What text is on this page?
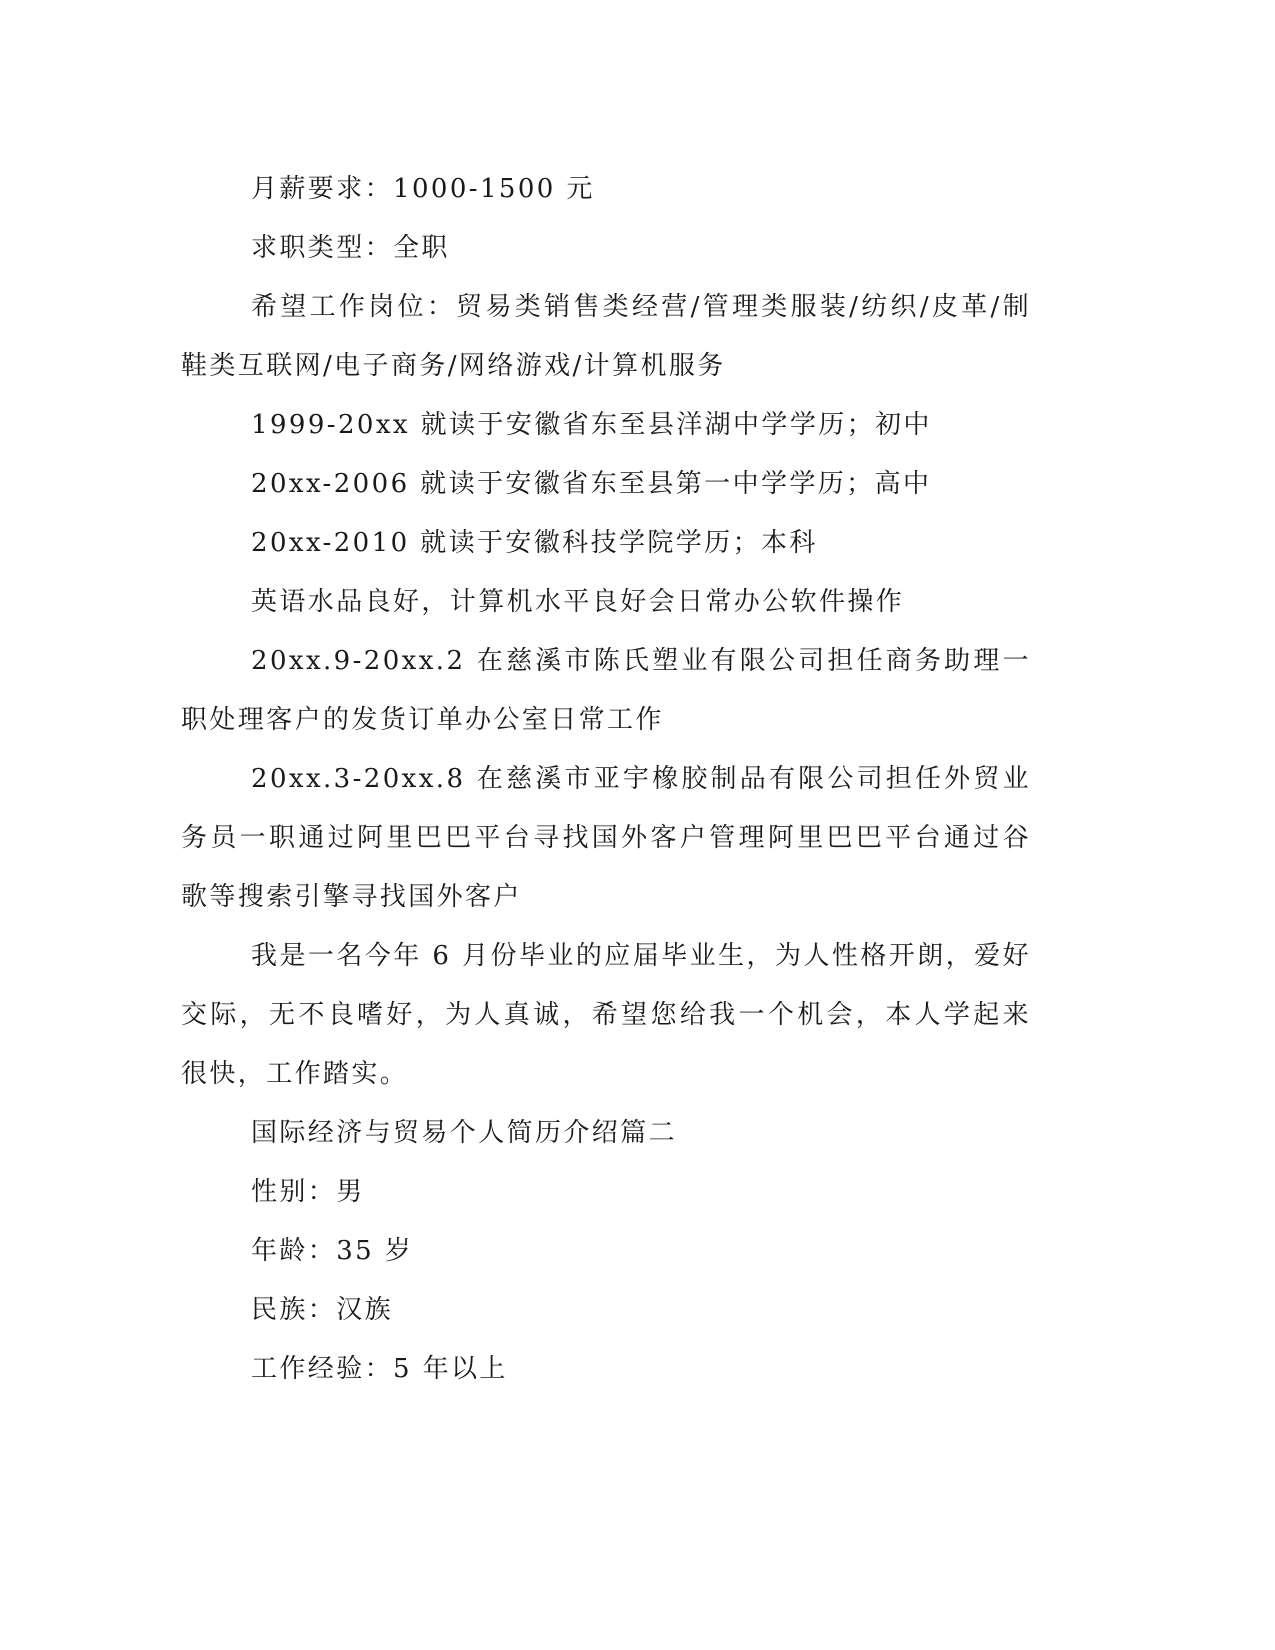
月薪要求：1000-1500 元

求职类型：全职

希望工作岗位：贸易类销售类经营/管理类服装/纺织/皮革/制鞋类互联网/电子商务/网络游戏/计算机服务

1999-20xx 就读于安徽省东至县洋湖中学学历；初中

20xx-2006 就读于安徽省东至县第一中学学历；高中

20xx-2010 就读于安徽科技学院学历；本科

英语水品良好，计算机水平良好会日常办公软件操作

20xx.9-20xx.2 在慈溪市陈氏塑业有限公司担任商务助理一职处理客户的发货订单办公室日常工作

20xx.3-20xx.8 在慈溪市亚宇橡胶制品有限公司担任外贸业务员一职通过阿里巴巴平台寻找国外客户管理阿里巴巴平台通过谷歌等搜索引擎寻找国外客户

我是一名今年 6 月份毕业的应届毕业生，为人性格开朗，爱好交际，无不良嗜好，为人真诚，希望您给我一个机会，本人学起来很快，工作踏实。

国际经济与贸易个人简历介绍篇二

性别：男

年龄：35 岁

民族：汉族

工作经验：5 年以上
